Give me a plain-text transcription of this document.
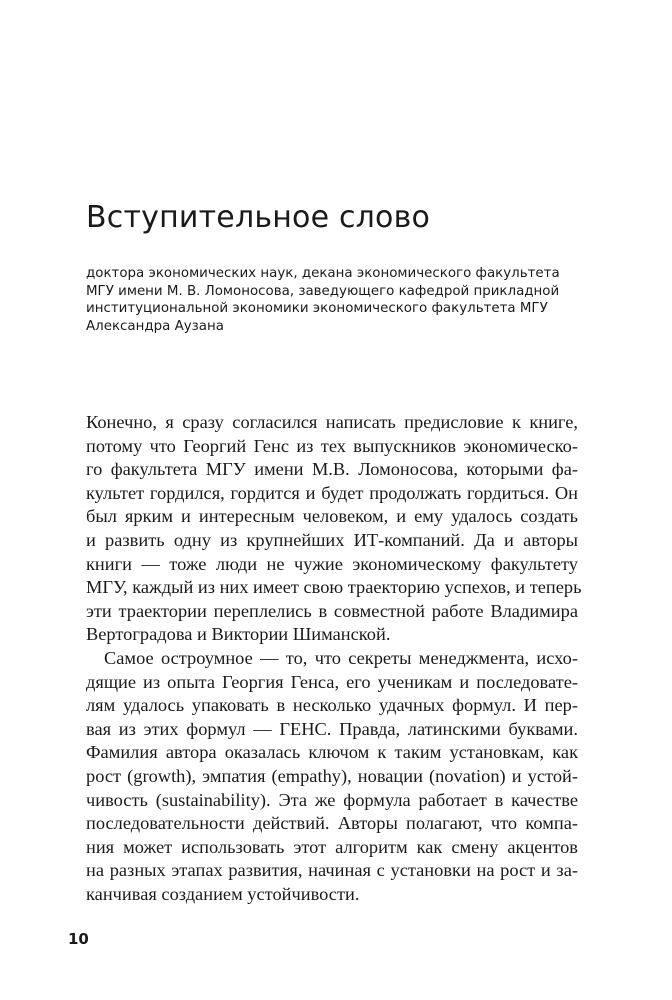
Вступительное слово
доктора экономических наук, декана экономического факультета
МГУ имени М. В. Ломоносова, заведующего кафедрой прикладной
институциональной экономики экономического факультета МГУ
Александра Аузана
Конечно, я сразу согласился написать предисловие к книге,
потому что Георгий Генс из тех выпускников экономическо-
го факультета МГУ имени М.В. Ломоносова, которыми фа-
культет гордился, гордится и будет продолжать гордиться. Он
был ярким и интересным человеком, и ему удалось создать
и развить одну из крупнейших ИТ-компаний. Да и авторы
книги — тоже люди не чужие экономическому факультету
МГУ, каждый из них имеет свою траекторию успехов, и теперь
эти траектории переплелись в совместной работе Владимира
Вертоградова и Виктории Шиманской.
Самое остроумное — то, что секреты менеджмента, исхо-
дящие из опыта Георгия Генса, его ученикам и последовате-
лям удалось упаковать в несколько удачных формул. И пер-
вая из этих формул — ГЕНС. Правда, латинскими буквами.
Фамилия автора оказалась ключом к таким установкам, как
рост (growth), эмпатия (empathy), новации (novation) и устой-
чивость (sustainability). Эта же формула работает в качестве
последовательности действий. Авторы полагают, что компа-
ния может использовать этот алгоритм как смену акцентов
на разных этапах развития, начиная с установки на рост и за-
канчивая созданием устойчивости.
10
